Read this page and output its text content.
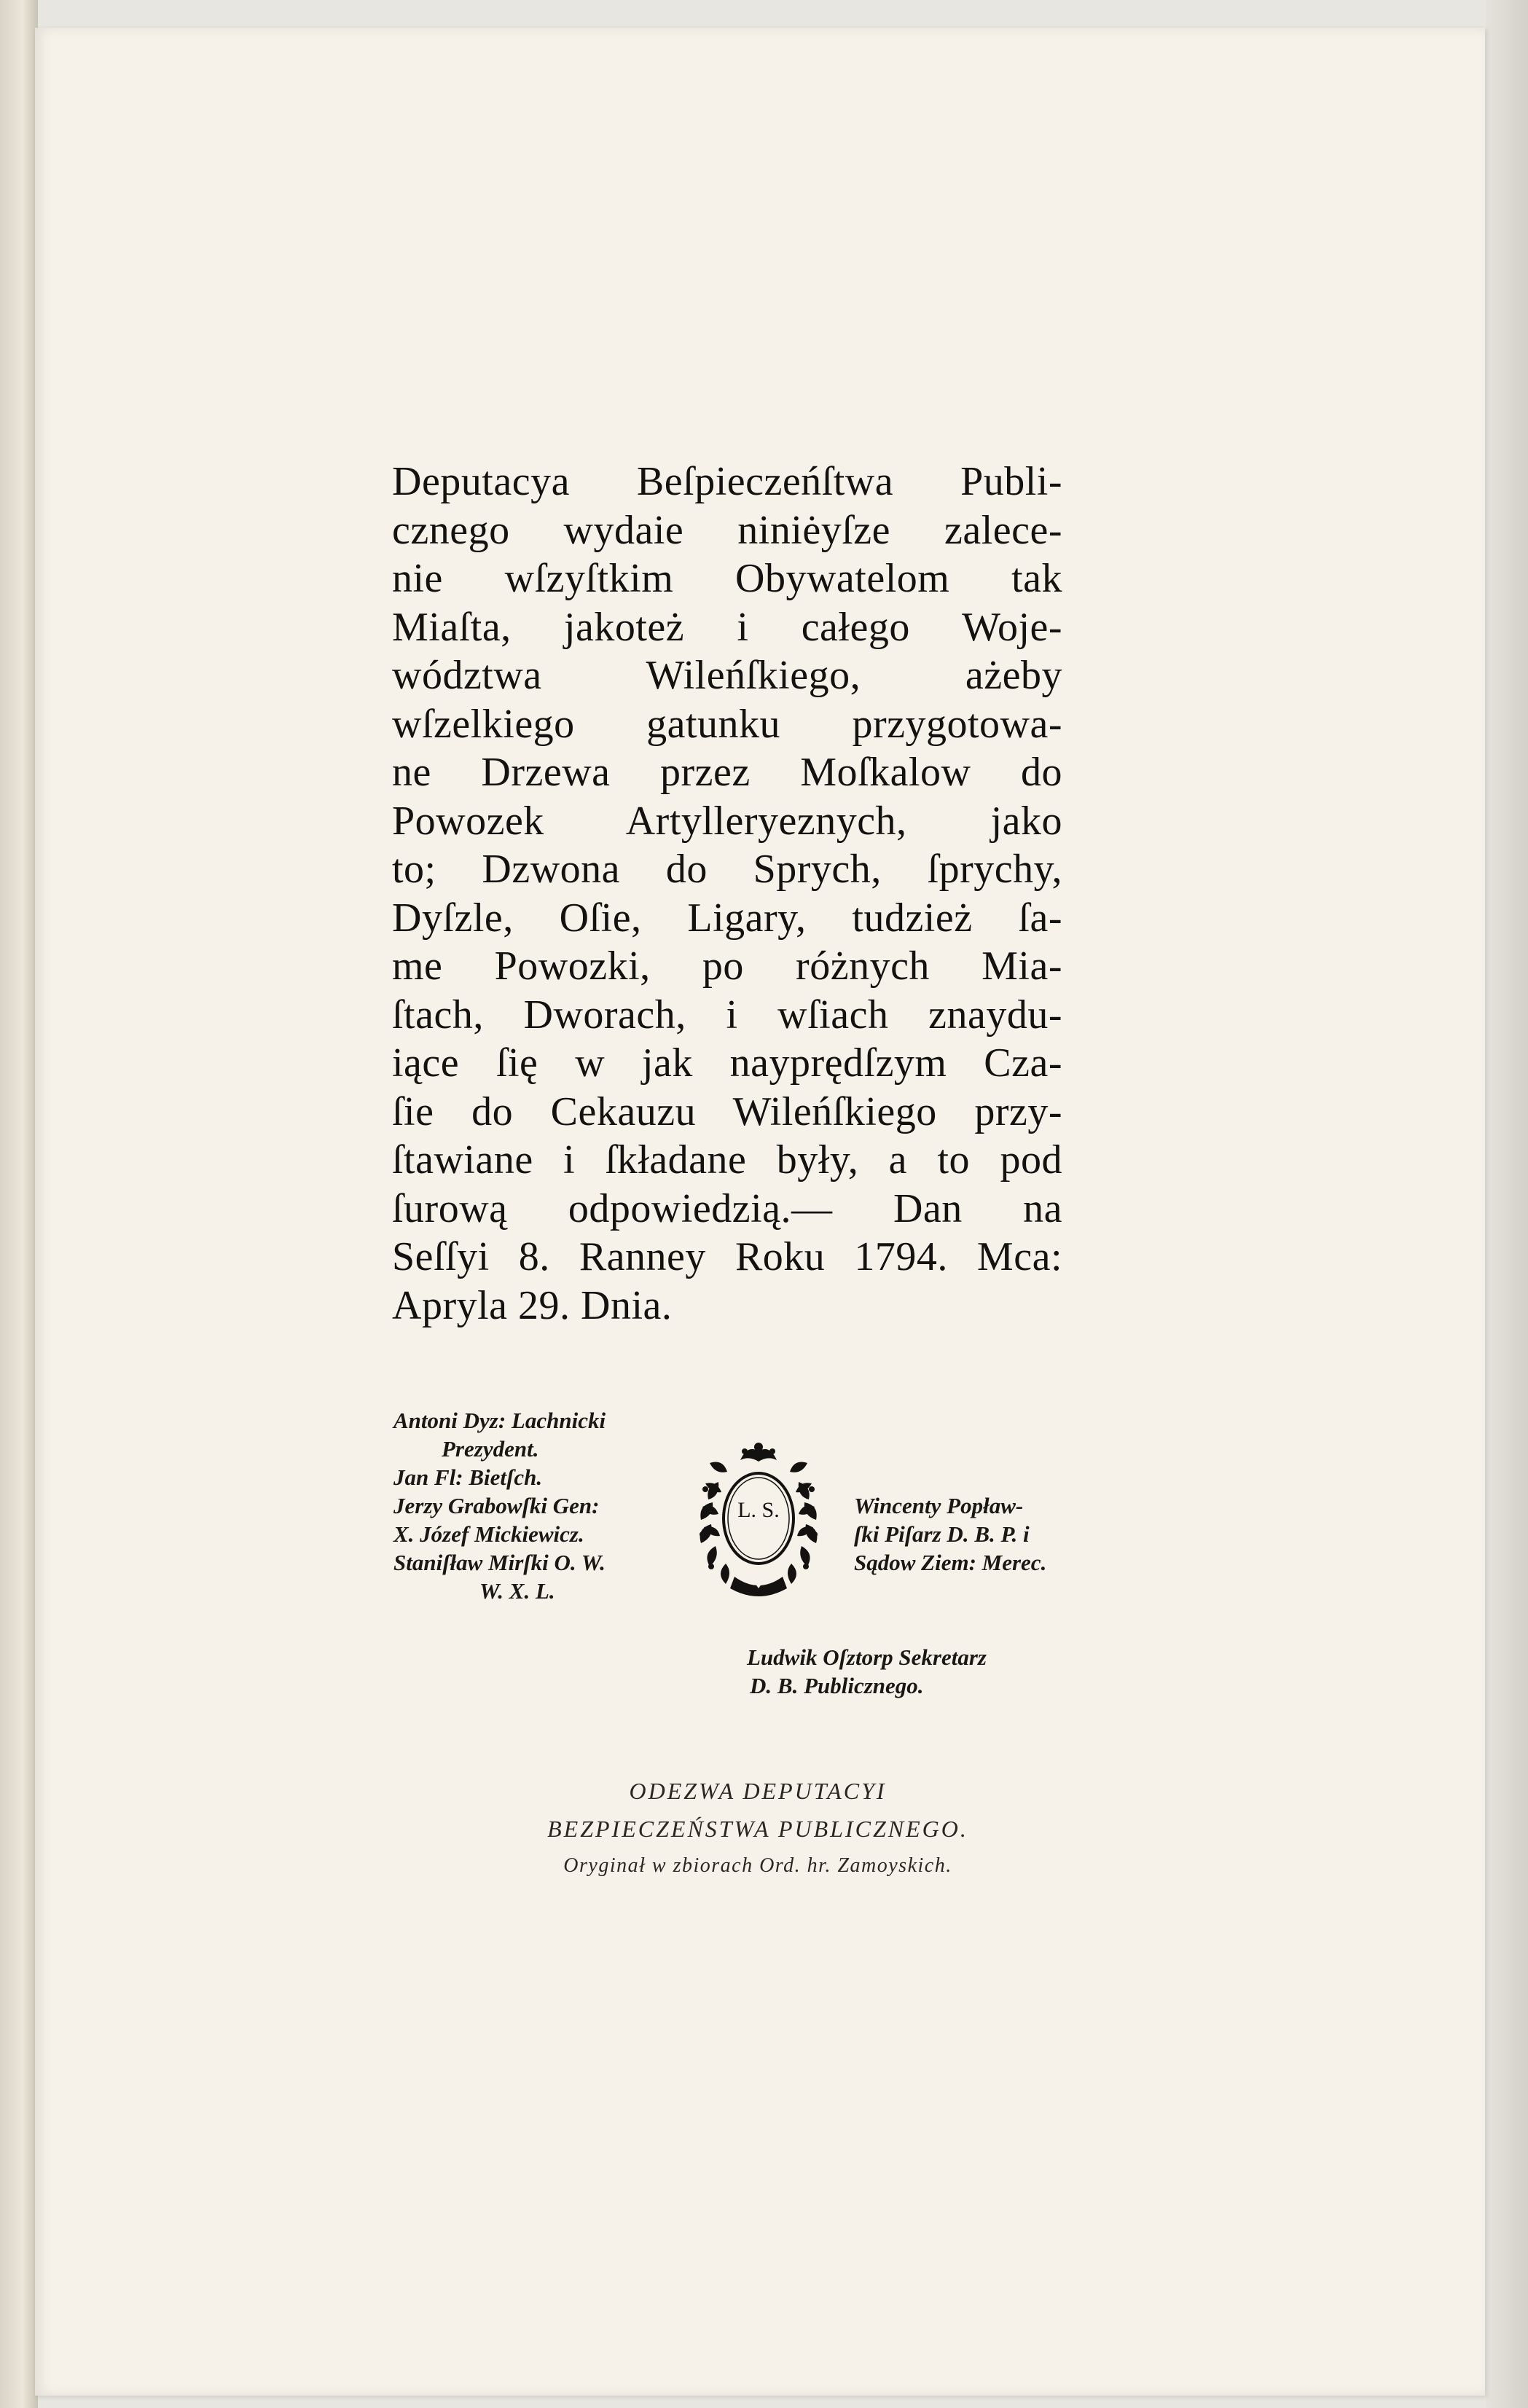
Deputacya Beſpieczeńſtwa Publi-
cznego wydaie niniėyſze zalece-
nie wſzyſtkim Obywatelom tak
Miaſta, jakoteż i całego Woje-
wództwa Wileńſkiego, ażeby
wſzelkiego gatunku przygotowa-
ne Drzewa przez Moſkalow do
Powozek Artylleryeznych, jako
to; Dzwona do Sprych, ſprychy,
Dyſzle, Oſie, Ligary, tudzież ſa-
me Powozki, po różnych Mia-
ſtach, Dworach, i wſiach znaydu-
iące ſię w jak nayprędſzym Cza-
ſie do Cekauzu Wileńſkiego przy-
ſtawiane i ſkładane były, a to pod
ſurową odpowiedzią.— Dan na
Seſſyi 8. Ranney Roku 1794. Mca:
Apryla 29. Dnia.
Antoni Dyz: Lachnicki
Prezydent.
Jan Fl: Bietſch.
Jerzy Grabowſki Gen:
X. Józef Mickiewicz.
Staniſław Mirſki O. W.
W. X. L.
L. S.	Wincenty Popław-
ſki Piſarz D. B. P. i
Sądow Ziem: Merec.
Ludwik Oſztorp Sekretarz
D. B. Publicznego.
ODEZWA DEPUTACYI
BEZPIECZEŃSTWA PUBLICZNEGO.
Oryginał w zbiorach Ord. hr. Zamoyskich.
